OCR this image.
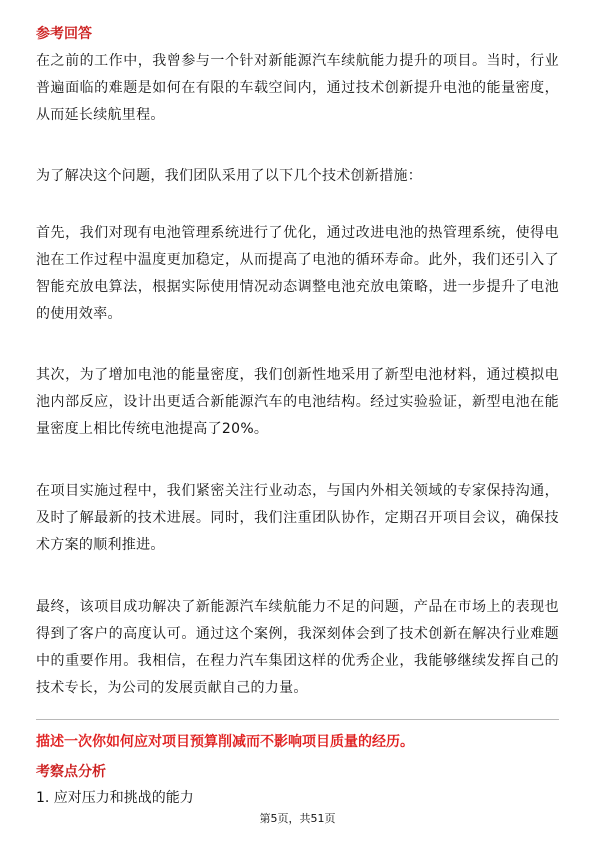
参考回答

在之前的工作中，我曾参与一个针对新能源汽车续航能力提升的项目。当时，行业普遍面临的难题是如何在有限的车载空间内，通过技术创新提升电池的能量密度，从而延长续航里程。

为了解决这个问题，我们团队采用了以下几个技术创新措施：

首先，我们对现有电池管理系统进行了优化，通过改进电池的热管理系统，使得电池在工作过程中温度更加稳定，从而提高了电池的循环寿命。此外，我们还引入了智能充放电算法，根据实际使用情况动态调整电池充放电策略，进一步提升了电池的使用效率。

其次，为了增加电池的能量密度，我们创新性地采用了新型电池材料，通过模拟电池内部反应，设计出更适合新能源汽车的电池结构。经过实验验证，新型电池在能量密度上相比传统电池提高了20%。

在项目实施过程中，我们紧密关注行业动态，与国内外相关领域的专家保持沟通，及时了解最新的技术进展。同时，我们注重团队协作，定期召开项目会议，确保技术方案的顺利推进。

最终，该项目成功解决了新能源汽车续航能力不足的问题，产品在市场上的表现也得到了客户的高度认可。通过这个案例，我深刻体会到了技术创新在解决行业难题中的重要作用。我相信，在程力汽车集团这样的优秀企业，我能够继续发挥自己的技术专长，为公司的发展贡献自己的力量。

描述一次你如何应对项目预算削减而不影响项目质量的经历。
考察点分析
1. 应对压力和挑战的能力
第5页，共51页
